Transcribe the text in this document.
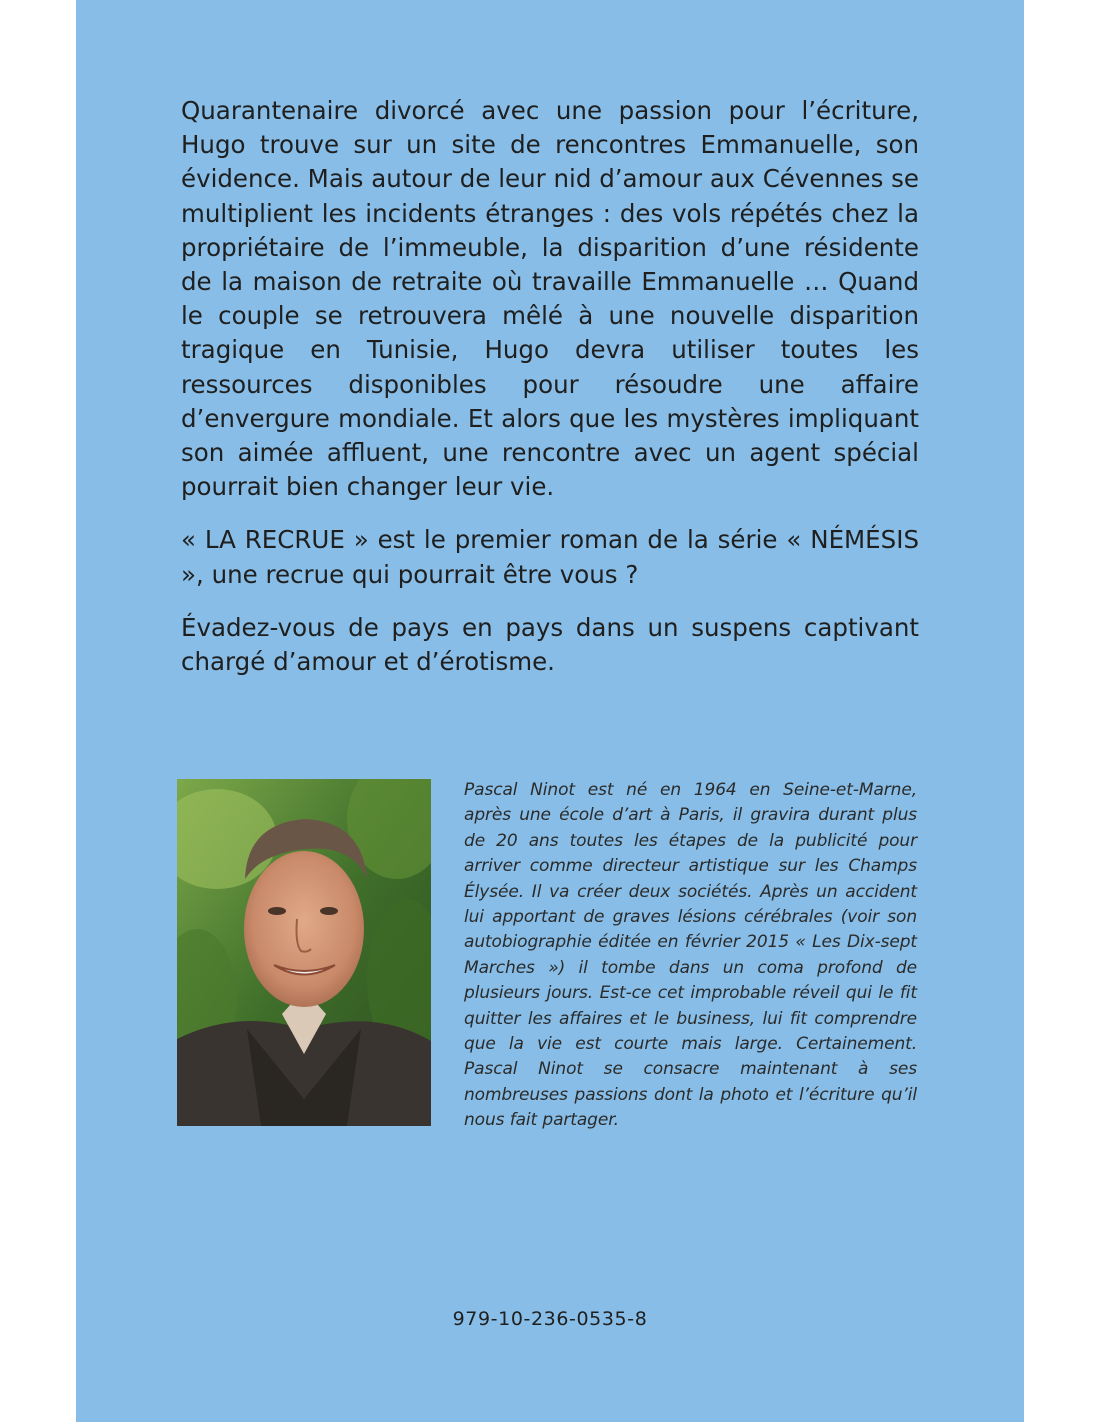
Quarantenaire divorcé avec une passion pour l’écriture, Hugo trouve sur un site de rencontres Emmanuelle, son évidence. Mais autour de leur nid d’amour aux Cévennes se multiplient les incidents étranges : des vols répétés chez la propriétaire de l’immeuble, la disparition d’une résidente de la maison de retraite où travaille Emmanuelle … Quand le couple se retrouvera mêlé à une nouvelle disparition tragique en Tunisie, Hugo devra utiliser toutes les ressources disponibles pour résoudre une affaire d’envergure mondiale. Et alors que les mystères impliquant son aimée affluent, une rencontre avec un agent spécial pourrait bien changer leur vie.

« LA RECRUE » est le premier roman de la série « NÉMÉSIS », une recrue qui pourrait être vous ?

Évadez-vous de pays en pays dans un suspens captivant chargé d’amour et d’érotisme.

Pascal Ninot est né en 1964 en Seine-et-Marne, après une école d’art à Paris, il gravira durant plus de 20 ans toutes les étapes de la publicité pour arriver comme directeur artistique sur les Champs Élysée. Il va créer deux sociétés. Après un accident lui apportant de graves lésions cérébrales (voir son autobiographie éditée en février 2015 « Les Dix-sept Marches ») il tombe dans un coma profond de plusieurs jours. Est-ce cet improbable réveil qui le fit quitter les affaires et le business, lui fit comprendre que la vie est courte mais large. Certainement. Pascal Ninot se consacre maintenant à ses nombreuses passions dont la photo et l’écriture qu’il nous fait partager.

979-10-236-0535-8
